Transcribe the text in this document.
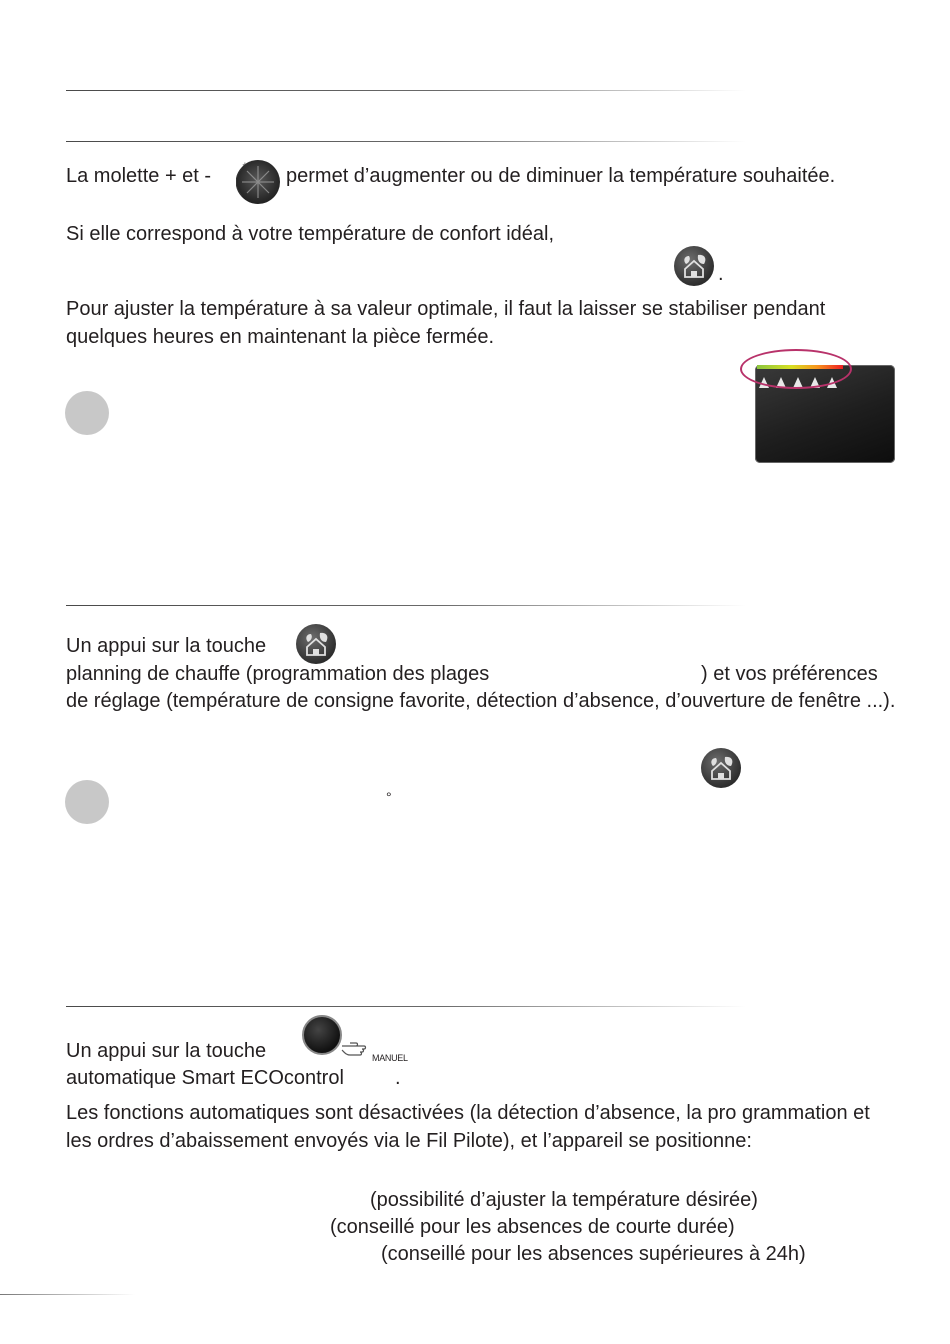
La molette + et -	+ permet d’augmenter ou de diminuer la température souhaitée.
Si elle correspond à votre température de confort idéal,
.
Pour ajuster la température à sa valeur optimale, il faut la laisser se stabiliser pendant quelques heures en maintenant la pièce fermée.
Un appui sur la touche
planning de chauffe (programmation des plages	) et vos préférences
de réglage (température de consigne favorite, détection d’absence, d’ouverture de fenêtre ...).
°
Un appui sur la touche	MANUEL
automatique Smart ECOcontrol	.
Les fonctions automatiques sont désactivées (la détection d’absence, la pro grammation et les ordres d’abaissement envoyés via le Fil Pilote), et l’appareil se positionne:
(possibilité d’ajuster la température désirée)
(conseillé pour les absences de courte durée)
(conseillé pour les absences supérieures à 24h)
